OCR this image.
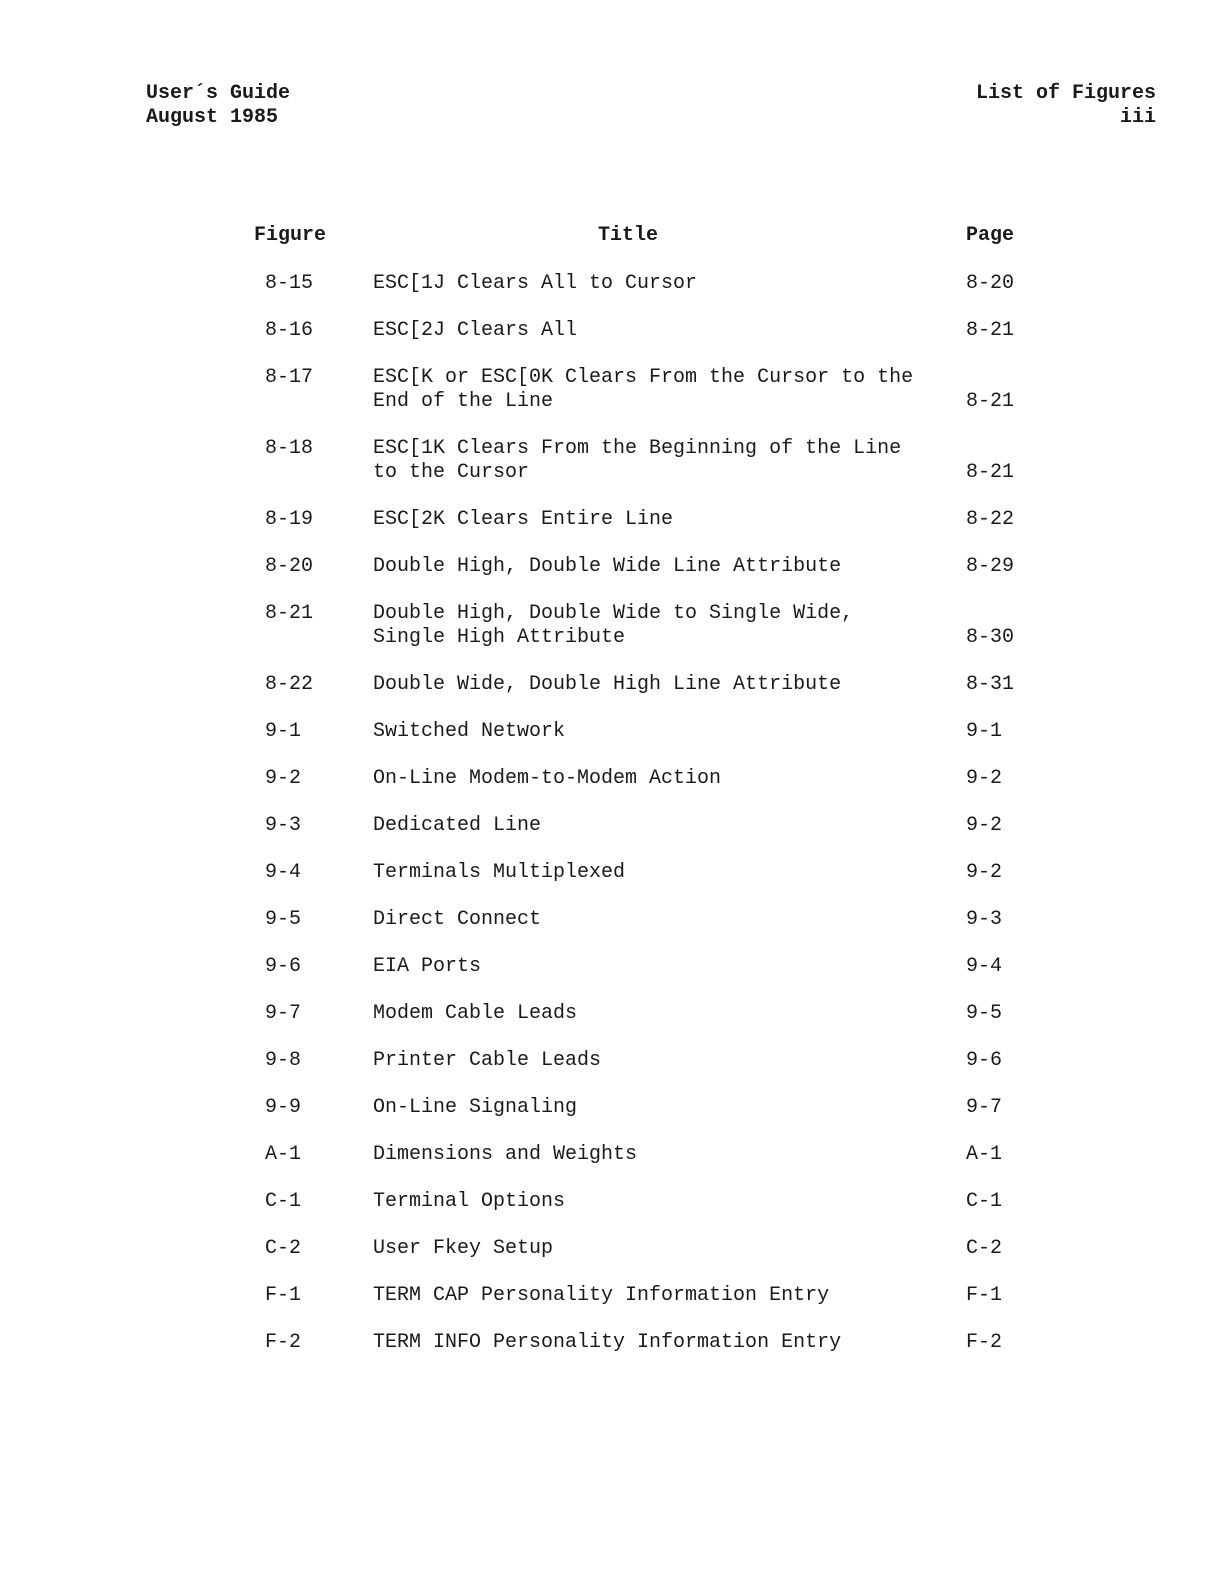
User´s Guide
August 1985
List of Figures
iii
Figure	Title	Page
8-15	ESC[1J Clears All to Cursor	8-20
8-16	ESC[2J Clears All	8-21
8-17	ESC[K or ESC[0K Clears From the Cursor to the
End of the Line	8-21
8-18	ESC[1K Clears From the Beginning of the Line
to the Cursor	8-21
8-19	ESC[2K Clears Entire Line	8-22
8-20	Double High, Double Wide Line Attribute	8-29
8-21	Double High, Double Wide to Single Wide,
Single High Attribute	8-30
8-22	Double Wide, Double High Line Attribute	8-31
9-1	Switched Network	9-1
9-2	On-Line Modem-to-Modem Action	9-2
9-3	Dedicated Line	9-2
9-4	Terminals Multiplexed	9-2
9-5	Direct Connect	9-3
9-6	EIA Ports	9-4
9-7	Modem Cable Leads	9-5
9-8	Printer Cable Leads	9-6
9-9	On-Line Signaling	9-7
A-1	Dimensions and Weights	A-1
C-1	Terminal Options	C-1
C-2	User Fkey Setup	C-2
F-1	TERM CAP Personality Information Entry	F-1
F-2	TERM INFO Personality Information Entry	F-2
